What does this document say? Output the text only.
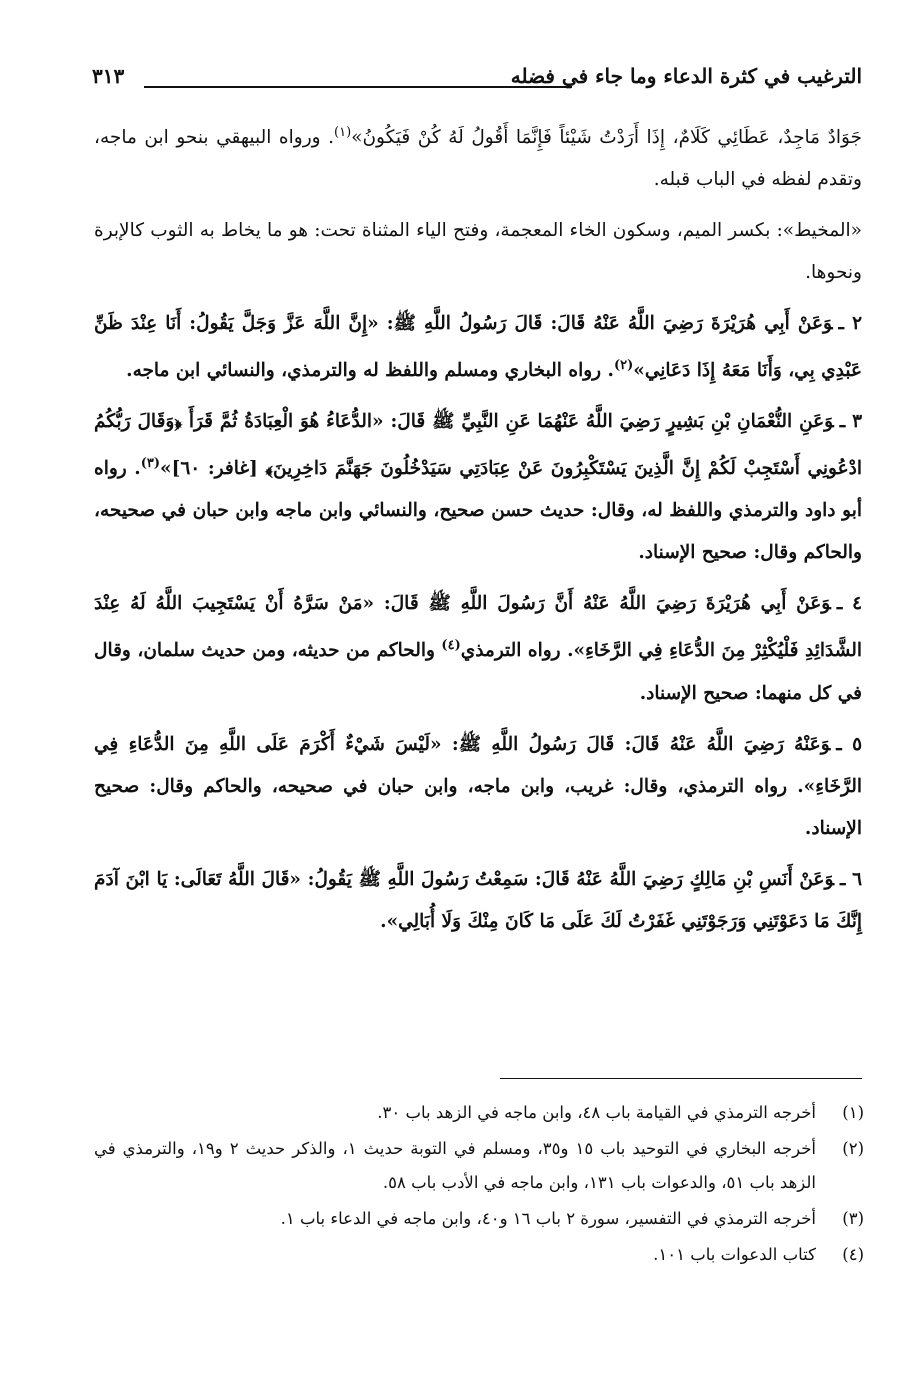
الترغيب في كثرة الدعاء وما جاء في فضله
٣١٣

جَوَادٌ مَاجِدٌ، عَطَائِي كَلَامٌ، إِذَا أَرَدْتُ شَيْئاً فَإِنَّمَا أَقُولُ لَهُ كُنْ فَيَكُونُ»$^{(١)}$. ورواه البيهقي بنحو ابن ماجه، وتقدم لفظه في الباب قبله.

«المخيط»: بكسر الميم، وسكون الخاء المعجمة، وفتح الياء المثناة تحت: هو ما يخاط به الثوب كالإبرة ونحوها.

٢ ـوَعَنْ أَبِي هُرَيْرَةَ رَضِيَ اللَّهُ عَنْهُ قَالَ: قَالَ رَسُولُ اللَّهِ ﷺ: «إِنَّ اللَّهَ عَزَّ وَجَلَّ يَقُولُ: أَنَا عِنْدَ ظَنِّ عَبْدِي بِي، وَأَنَا مَعَهُ إِذَا دَعَانِي»$^{(٢)}$. رواه البخاري ومسلم واللفظ له والترمذي، والنسائي ابن ماجه.

٣ ـوَعَنِ النُّعْمَانِ بْنِ بَشِيرٍ رَضِيَ اللَّهُ عَنْهُمَا عَنِ النَّبِيِّ ﷺ قَالَ: «الدُّعَاءُ هُوَ الْعِبَادَةُ ثُمَّ قَرَأَ ﴿وَقَالَ رَبُّكُمُ ادْعُونِي أَسْتَجِبْ لَكُمْ إِنَّ الَّذِينَ يَسْتَكْبِرُونَ عَنْ عِبَادَتِي سَيَدْخُلُونَ جَهَنَّمَ دَاخِرِينَ﴾ [غافر: ٦٠]»$^{(٣)}$. رواه أبو داود والترمذي واللفظ له، وقال: حديث حسن صحيح، والنسائي وابن ماجه وابن حبان في صحيحه، والحاكم وقال: صحيح الإسناد.

٤ ـوَعَنْ أَبِي هُرَيْرَةَ رَضِيَ اللَّهُ عَنْهُ أَنَّ رَسُولَ اللَّهِ ﷺ قَالَ: «مَنْ سَرَّهُ أَنْ يَسْتَجِيبَ اللَّهُ لَهُ عِنْدَ الشَّدَائِدِ فَلْيُكْثِرْ مِنَ الدُّعَاءِ فِي الرَّخَاءِ». رواه الترمذي$^{(٤)}$ والحاكم من حديثه، ومن حديث سلمان، وقال في كل منهما: صحيح الإسناد.

٥ ـوَعَنْهُ رَضِيَ اللَّهُ عَنْهُ قَالَ: قَالَ رَسُولُ اللَّهِ ﷺ: «لَيْسَ شَيْءٌ أَكْرَمَ عَلَى اللَّهِ مِنَ الدُّعَاءِ فِي الرَّخَاءِ». رواه الترمذي، وقال: غريب، وابن ماجه، وابن حبان في صحيحه، والحاكم وقال: صحيح الإسناد.

٦ ـوَعَنْ أَنَسِ بْنِ مَالِكٍ رَضِيَ اللَّهُ عَنْهُ قَالَ: سَمِعْتُ رَسُولَ اللَّهِ ﷺ يَقُولُ: «قَالَ اللَّهُ تَعَالَى: يَا ابْنَ آدَمَ إِنَّكَ مَا دَعَوْتَنِي وَرَجَوْتَنِي غَفَرْتُ لَكَ عَلَى مَا كَانَ مِنْكَ وَلَا أُبَالِي».

(١)
أخرجه الترمذي في القيامة باب ٤٨، وابن ماجه في الزهد باب ٣٠.
(٢)
أخرجه البخاري في التوحيد باب ١٥ و٣٥، ومسلم في التوبة حديث ١، والذكر حديث ٢ و١٩، والترمذي في الزهد باب ٥١، والدعوات باب ١٣١، وابن ماجه في الأدب باب ٥٨.
(٣)
أخرجه الترمذي في التفسير، سورة ٢ باب ١٦ و٤٠، وابن ماجه في الدعاء باب ١.
(٤)
كتاب الدعوات باب ١٠١.
